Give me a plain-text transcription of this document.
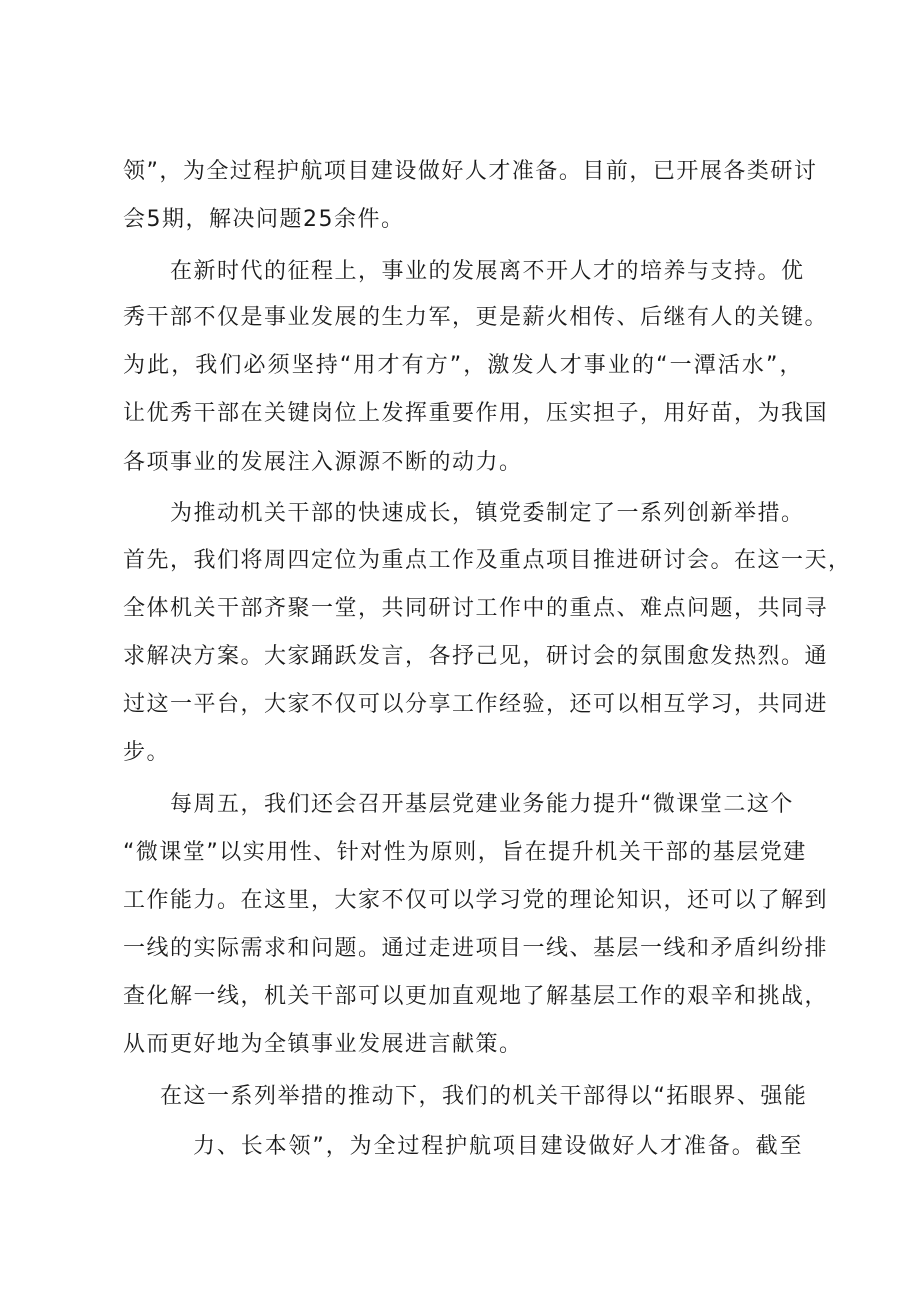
领”，为全过程护航项目建设做好人才准备。目前，已开展各类研讨
会5期，解决问题25余件。
在新时代的征程上，事业的发展离不开人才的培养与支持。优
秀干部不仅是事业发展的生力军，更是薪火相传、后继有人的关键。
为此，我们必须坚持“用才有方”，激发人才事业的“一潭活水”，
让优秀干部在关键岗位上发挥重要作用，压实担子，用好苗，为我国
各项事业的发展注入源源不断的动力。
为推动机关干部的快速成长，镇党委制定了一系列创新举措。
首先，我们将周四定位为重点工作及重点项目推进研讨会。在这一天，
全体机关干部齐聚一堂，共同研讨工作中的重点、难点问题，共同寻
求解决方案。大家踊跃发言，各抒己见，研讨会的氛围愈发热烈。通
过这一平台，大家不仅可以分享工作经验，还可以相互学习，共同进
步。
每周五，我们还会召开基层党建业务能力提升“微课堂二这个
“微课堂”以实用性、针对性为原则，旨在提升机关干部的基层党建
工作能力。在这里，大家不仅可以学习党的理论知识，还可以了解到
一线的实际需求和问题。通过走进项目一线、基层一线和矛盾纠纷排
查化解一线，机关干部可以更加直观地了解基层工作的艰辛和挑战，
从而更好地为全镇事业发展进言献策。
在这一系列举措的推动下，我们的机关干部得以“拓眼界、强能
力、长本领”，为全过程护航项目建设做好人才准备。截至
